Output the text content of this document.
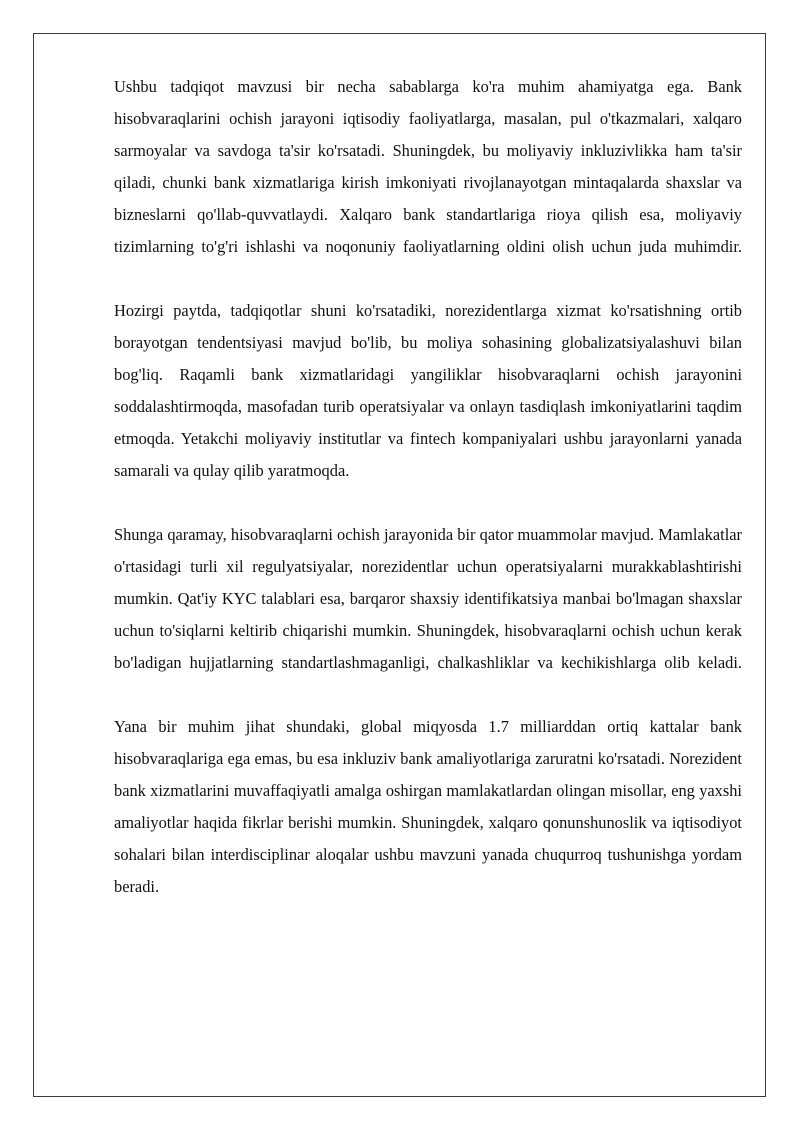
Ushbu tadqiqot mavzusi bir necha sabablarga ko'ra muhim ahamiyatga ega. Bank hisobvaraqlarini ochish jarayoni iqtisodiy faoliyatlarga, masalan, pul o'tkazmalari, xalqaro sarmoyalar va savdoga ta'sir ko'rsatadi. Shuningdek, bu moliyaviy inkluzivlikka ham ta'sir qiladi, chunki bank xizmatlariga kirish imkoniyati rivojlanayotgan mintaqalarda shaxslar va bizneslarni qo'llab-quvvatlaydi. Xalqaro bank standartlariga rioya qilish esa, moliyaviy tizimlarning to'g'ri ishlashi va noqonuniy faoliyatlarning oldini olish uchun juda muhimdir.

Hozirgi paytda, tadqiqotlar shuni ko'rsatadiki, norezidentlarga xizmat ko'rsatishning ortib borayotgan tendentsiyasi mavjud bo'lib, bu moliya sohasining globalizatsiyalashuvi bilan bog'liq. Raqamli bank xizmatlaridagi yangiliklar hisobvaraqlarni ochish jarayonini soddalashtirmoqda, masofadan turib operatsiyalar va onlayn tasdiqlash imkoniyatlarini taqdim etmoqda. Yetakchi moliyaviy institutlar va fintech kompaniyalari ushbu jarayonlarni yanada samarali va qulay qilib yaratmoqda.

Shunga qaramay, hisobvaraqlarni ochish jarayonida bir qator muammolar mavjud. Mamlakatlar o'rtasidagi turli xil regulyatsiyalar, norezidentlar uchun operatsiyalarni murakkablashtirishi mumkin. Qat'iy KYC talablari esa, barqaror shaxsiy identifikatsiya manbai bo'lmagan shaxslar uchun to'siqlarni keltirib chiqarishi mumkin. Shuningdek, hisobvaraqlarni ochish uchun kerak bo'ladigan hujjatlarning standartlashmaganligi, chalkashliklar va kechikishlarga olib keladi.

Yana bir muhim jihat shundaki, global miqyosda 1.7 milliarddan ortiq kattalar bank hisobvaraqlariga ega emas, bu esa inkluziv bank amaliyotlariga zaruratni ko'rsatadi. Norezident bank xizmatlarini muvaffaqiyatli amalga oshirgan mamlakatlardan olingan misollar, eng yaxshi amaliyotlar haqida fikrlar berishi mumkin. Shuningdek, xalqaro qonunshunoslik va iqtisodiyot sohalari bilan interdisciplinar aloqalar ushbu mavzuni yanada chuqurroq tushunishga yordam beradi.
